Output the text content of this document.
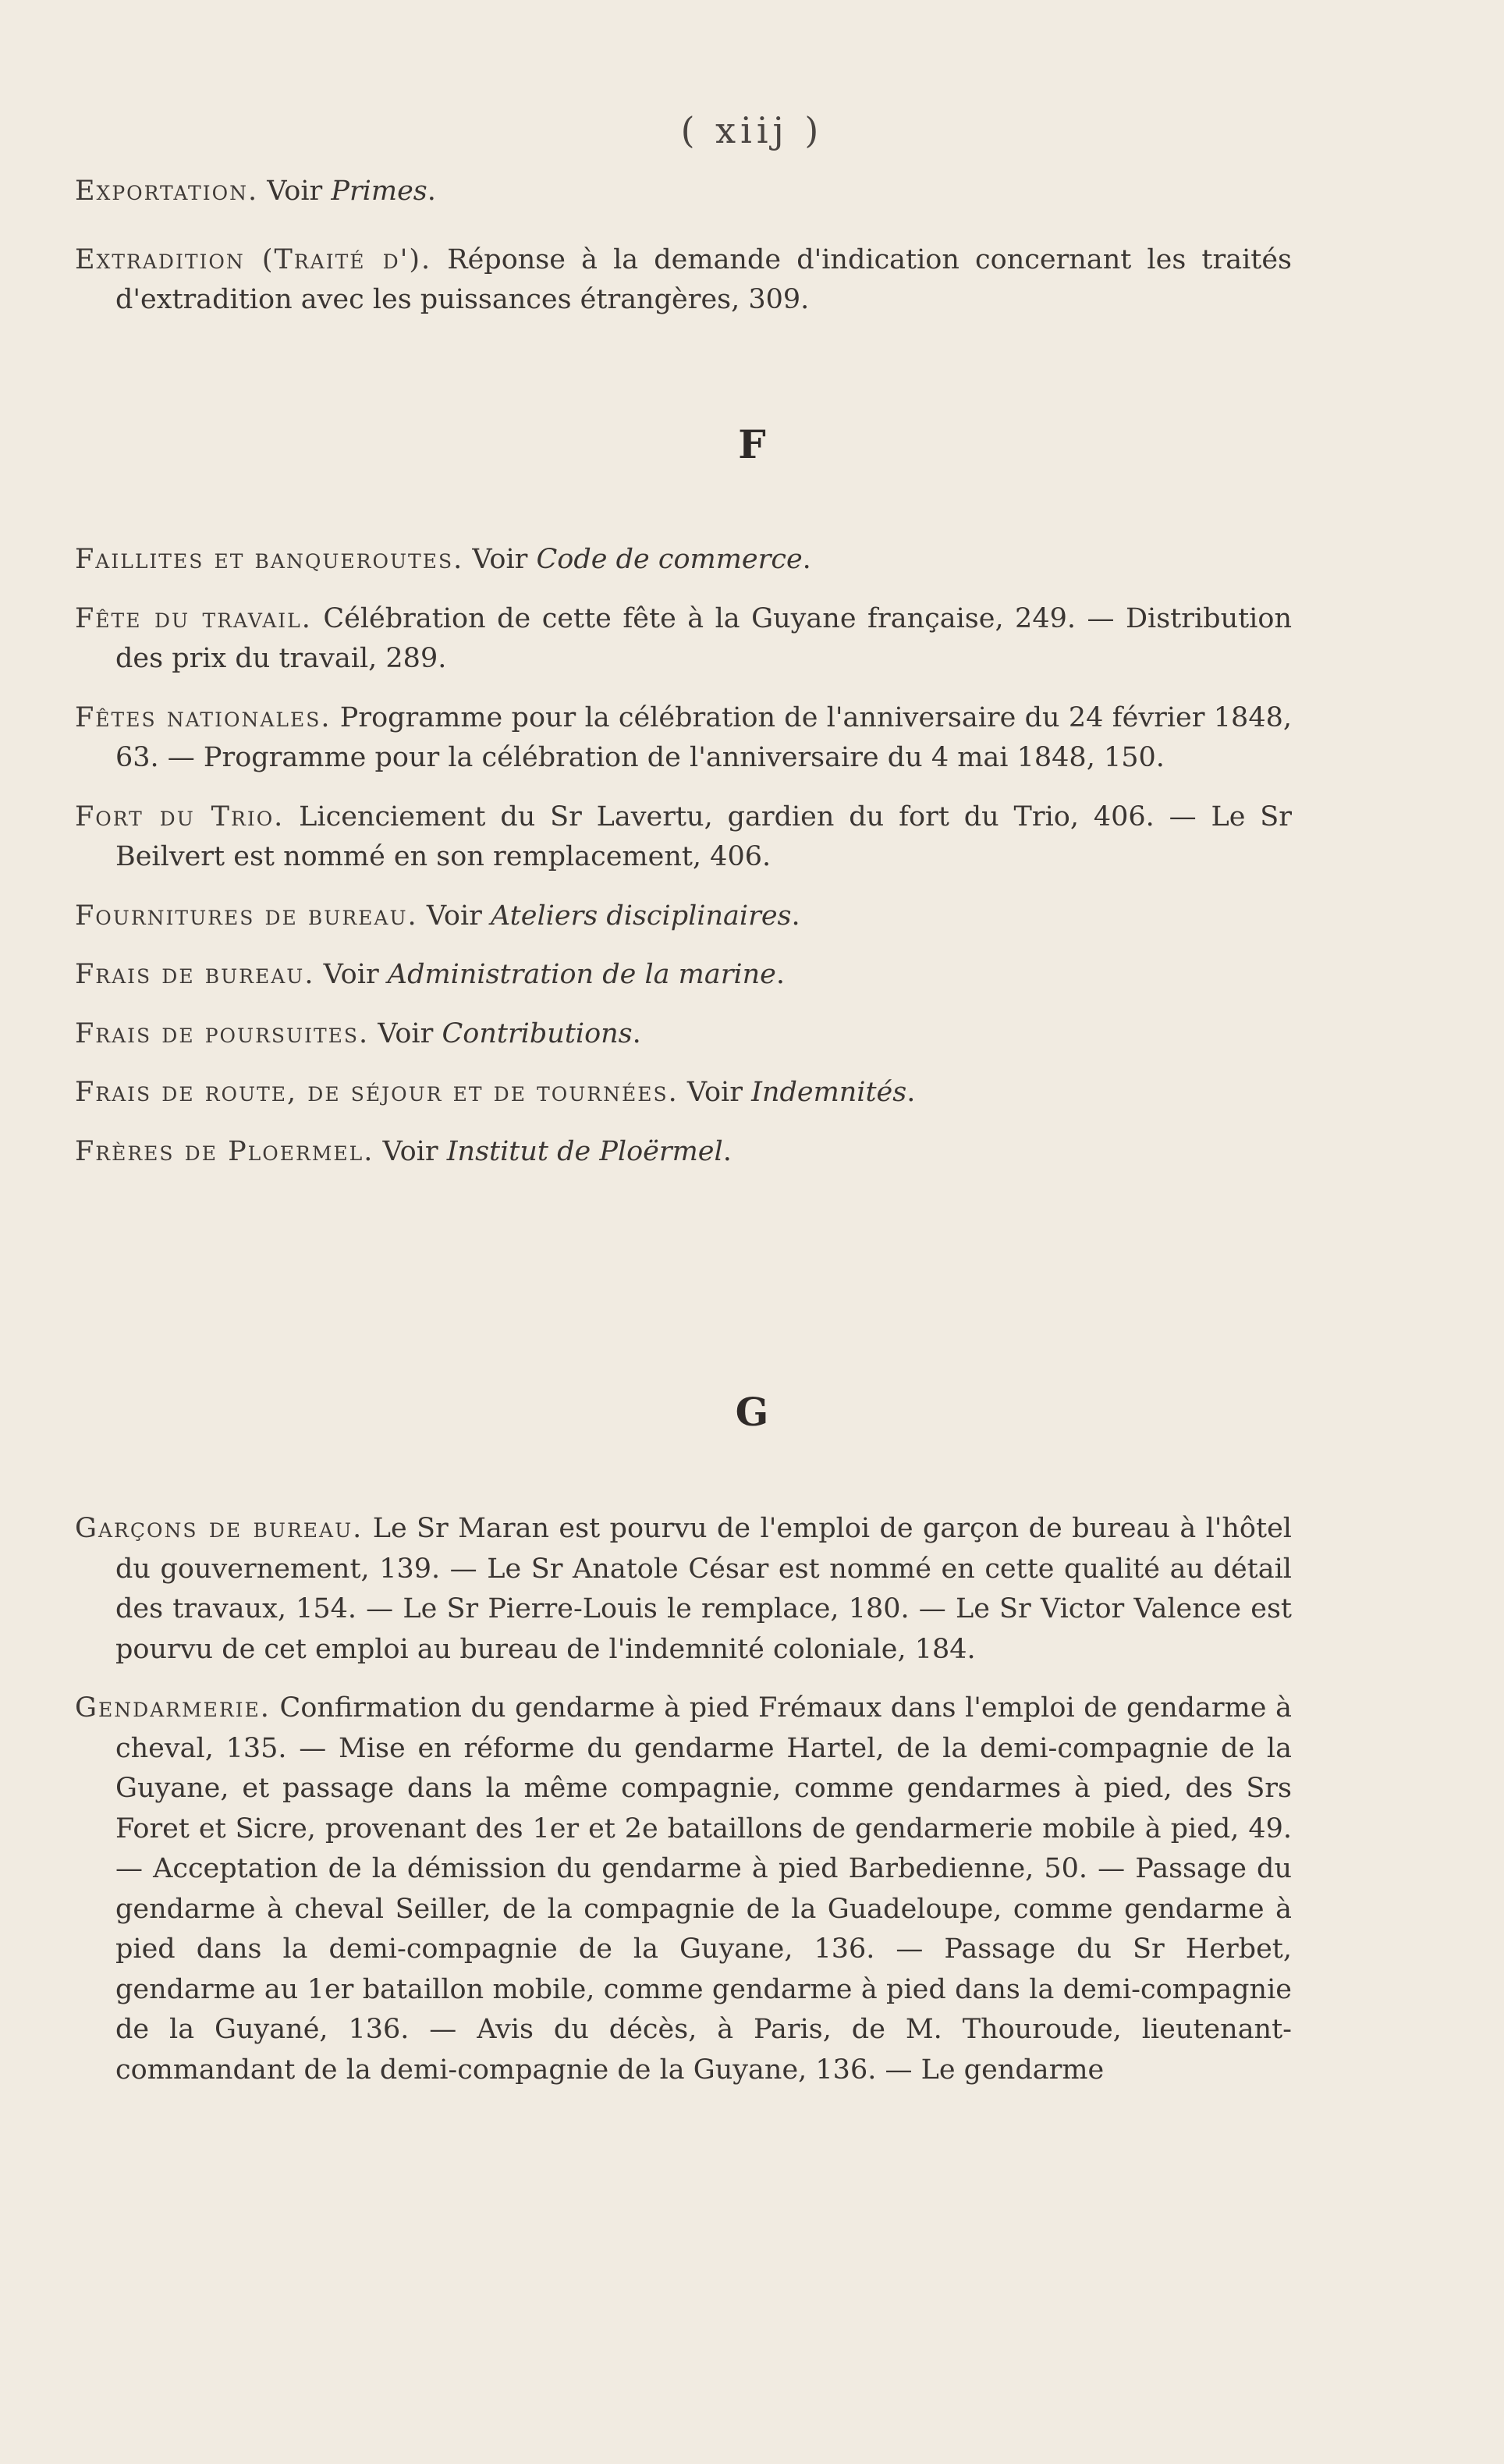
( xiij )

Exportation. Voir Primes.

Extradition (Traité d'). Réponse à la demande d'indication concernant les traités d'extradition avec les puissances étrangères, 309.

F

Faillites et banqueroutes. Voir Code de commerce.

Fête du travail. Célébration de cette fête à la Guyane française, 249. — Distribution des prix du travail, 289.

Fêtes nationales. Programme pour la célébration de l'anniversaire du 24 février 1848, 63. — Programme pour la célébration de l'anniversaire du 4 mai 1848, 150.

Fort du Trio. Licenciement du Sr Lavertu, gardien du fort du Trio, 406. — Le Sr Beilvert est nommé en son remplacement, 406.

Fournitures de bureau. Voir Ateliers disciplinaires.

Frais de bureau. Voir Administration de la marine.

Frais de poursuites. Voir Contributions.

Frais de route, de séjour et de tournées. Voir Indemnités.

Frères de Ploermel. Voir Institut de Ploërmel.

G

Garçons de bureau. Le Sr Maran est pourvu de l'emploi de garçon de bureau à l'hôtel du gouvernement, 139. — Le Sr Anatole César est nommé en cette qualité au détail des travaux, 154. — Le Sr Pierre-Louis le remplace, 180. — Le Sr Victor Valence est pourvu de cet emploi au bureau de l'indemnité coloniale, 184.

Gendarmerie. Confirmation du gendarme à pied Frémaux dans l'emploi de gendarme à cheval, 135. — Mise en réforme du gendarme Hartel, de la demi-compagnie de la Guyane, et passage dans la même compagnie, comme gendarmes à pied, des Srs Foret et Sicre, provenant des 1er et 2e bataillons de gendarmerie mobile à pied, 49. — Acceptation de la démission du gendarme à pied Barbedienne, 50. — Passage du gendarme à cheval Seiller, de la compagnie de la Guadeloupe, comme gendarme à pied dans la demi-compagnie de la Guyane, 136. — Passage du Sr Herbet, gendarme au 1er bataillon mobile, comme gendarme à pied dans la demi-compagnie de la Guyané, 136. — Avis du décès, à Paris, de M. Thouroude, lieutenant-commandant de la demi-compagnie de la Guyane, 136. — Le gendarme
